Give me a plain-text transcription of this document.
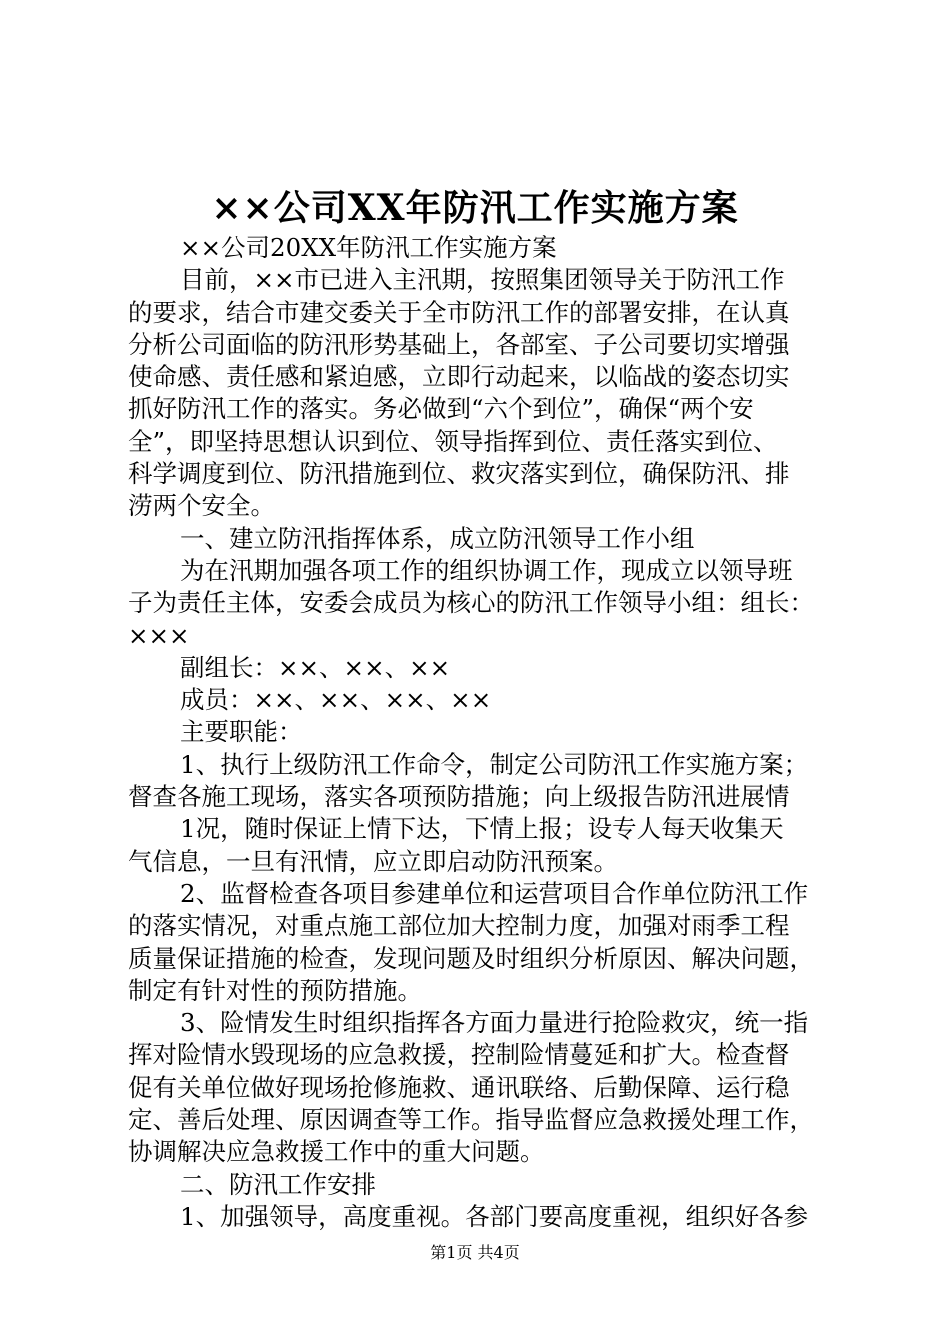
××公司XX年防汛工作实施方案
××公司20XX年防汛工作实施方案
目前，××市已进入主汛期，按照集团领导关于防汛工作
的要求，结合市建交委关于全市防汛工作的部署安排，在认真
分析公司面临的防汛形势基础上，各部室、子公司要切实增强
使命感、责任感和紧迫感，立即行动起来，以临战的姿态切实
抓好防汛工作的落实。务必做到“六个到位”，确保“两个安
全”，即坚持思想认识到位、领导指挥到位、责任落实到位、
科学调度到位、防汛措施到位、救灾落实到位，确保防汛、排
涝两个安全。
一、建立防汛指挥体系，成立防汛领导工作小组
为在汛期加强各项工作的组织协调工作，现成立以领导班
子为责任主体，安委会成员为核心的防汛工作领导小组：组长：
×××
副组长：××、××、××
成员：××、××、××、××
主要职能：
1、执行上级防汛工作命令，制定公司防汛工作实施方案；
督查各施工现场，落实各项预防措施；向上级报告防汛进展情
1况，随时保证上情下达，下情上报；设专人每天收集天
气信息，一旦有汛情，应立即启动防汛预案。
2、监督检查各项目参建单位和运营项目合作单位防汛工作
的落实情况，对重点施工部位加大控制力度，加强对雨季工程
质量保证措施的检查，发现问题及时组织分析原因、解决问题，
制定有针对性的预防措施。
3、险情发生时组织指挥各方面力量进行抢险救灾，统一指
挥对险情水毁现场的应急救援，控制险情蔓延和扩大。检查督
促有关单位做好现场抢修施救、通讯联络、后勤保障、运行稳
定、善后处理、原因调查等工作。指导监督应急救援处理工作，
协调解决应急救援工作中的重大问题。
二、防汛工作安排
1、加强领导，高度重视。各部门要高度重视，组织好各参
第1页 共4页
